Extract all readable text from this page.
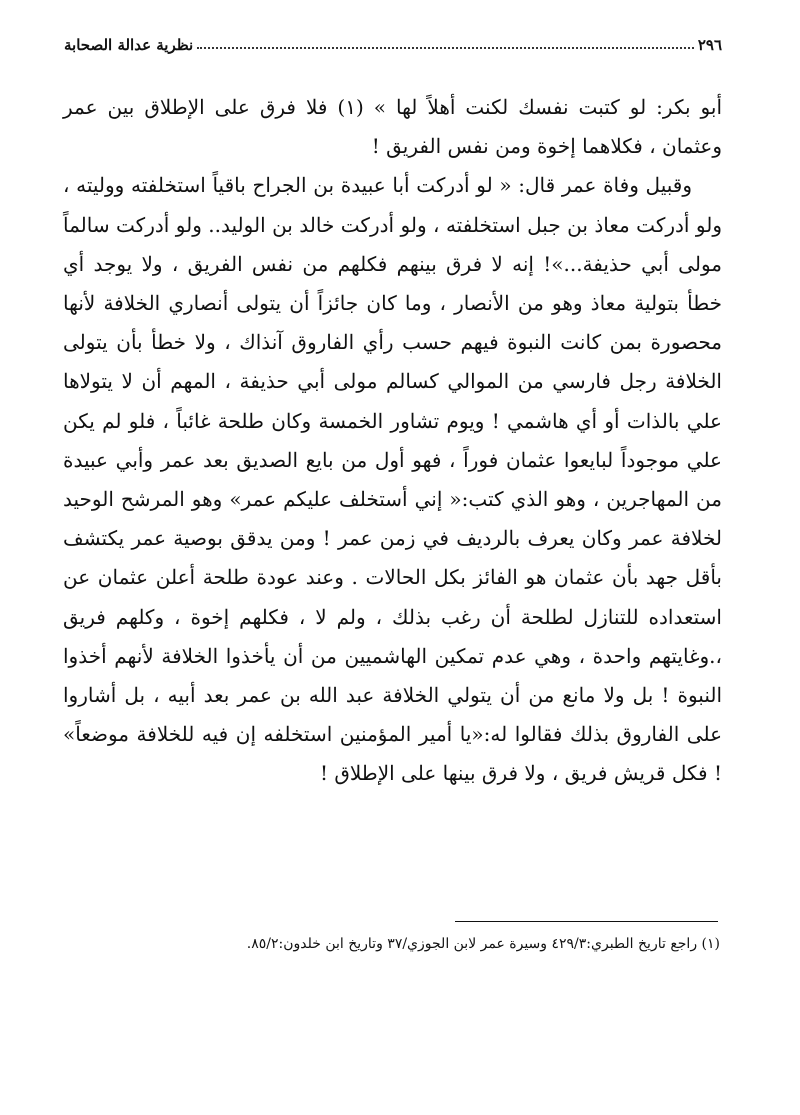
٢٩٦
نظرية عدالة الصحابة

أبو بكر: لو كتبت نفسك لكنت أهلاً لها » (١) فلا فرق على الإطلاق بين عمر وعثمان ، فكلاهما إخوة ومن نفس الفريق !

وقبيل وفاة عمر قال: « لو أدركت أبا عبيدة بن الجراح باقياً استخلفته ووليته ، ولو أدركت معاذ بن جبل استخلفته ، ولو أدركت خالد بن الوليد.. ولو أدركت سالماً مولى أبي حذيفة...»! إنه لا فرق بينهم فكلهم من نفس الفريق ، ولا يوجد أي خطأ بتولية معاذ وهو من الأنصار ، وما كان جائزاً أن يتولى أنصاري الخلافة لأنها محصورة بمن كانت النبوة فيهم حسب رأي الفاروق آنذاك ، ولا خطأ بأن يتولى الخلافة رجل فارسي من الموالي كسالم مولى أبي حذيفة ، المهم أن لا يتولاها علي بالذات أو أي هاشمي ! ويوم تشاور الخمسة وكان طلحة غائباً ، فلو لم يكن علي موجوداً لبايعوا عثمان فوراً ، فهو أول من بايع الصديق بعد عمر وأبي عبيدة من المهاجرين ، وهو الذي كتب:« إني أستخلف عليكم عمر» وهو المرشح الوحيد لخلافة عمر وكان يعرف بالرديف في زمن عمر ! ومن يدقق بوصية عمر يكتشف بأقل جهد بأن عثمان هو الفائز بكل الحالات . وعند عودة طلحة أعلن عثمان عن استعداده للتنازل لطلحة أن رغب بذلك ، ولم لا ، فكلهم إخوة ، وكلهم فريق ،.وغايتهم واحدة ، وهي عدم تمكين الهاشميين من أن يأخذوا الخلافة لأنهم أخذوا النبوة ! بل ولا مانع من أن يتولي الخلافة عبد الله بن عمر بعد أبيه ، بل أشاروا على الفاروق بذلك فقالوا له:«يا أمير المؤمنين استخلفه إن فيه للخلافة موضعاً» ! فكل قريش فريق ، ولا فرق بينها على الإطلاق !

(١) راجع تاريخ الطبري:٤٢٩/٣ وسيرة عمر لابن الجوزي/٣٧ وتاريخ ابن خلدون:٨٥/٢.
